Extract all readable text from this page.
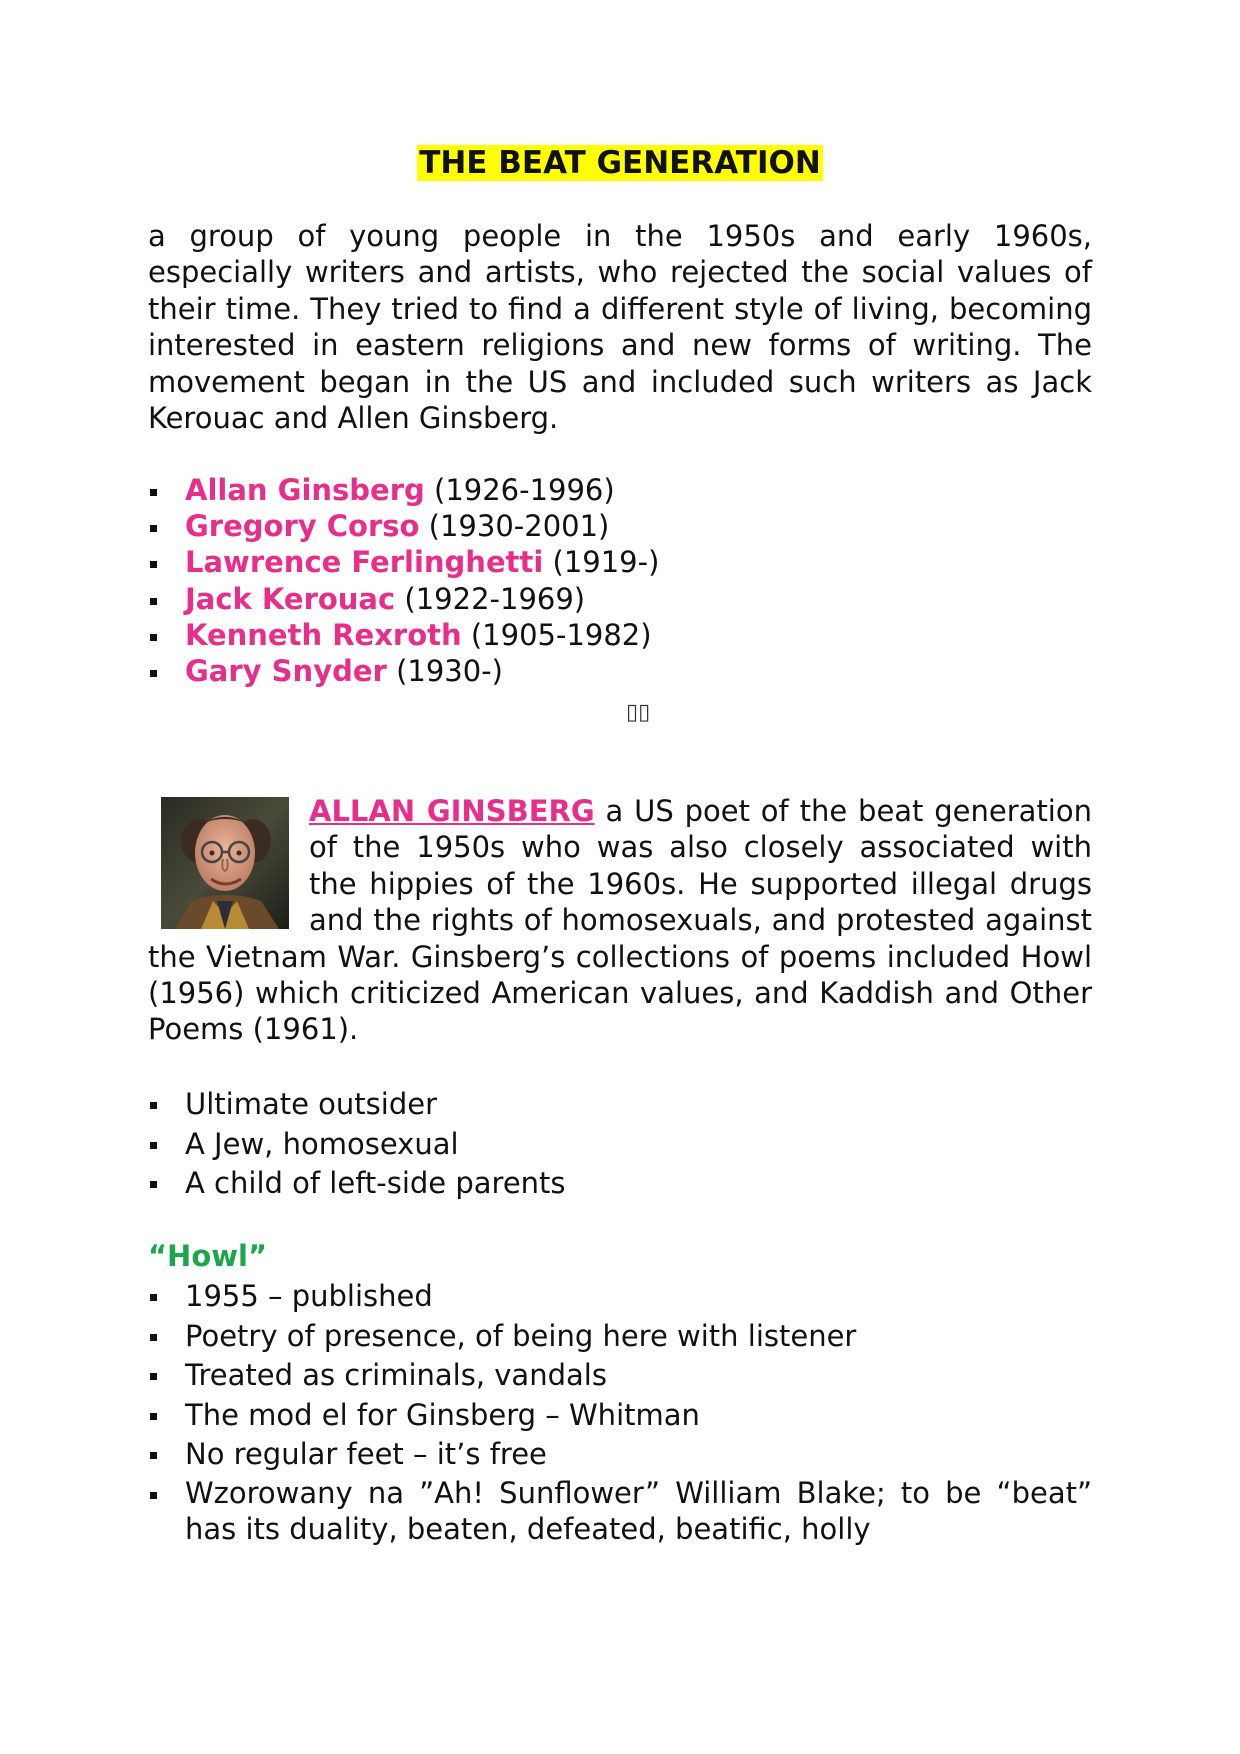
THE BEAT GENERATION

a group of young people in the 1950s and early 1960s, especially writers and artists, who rejected the social values of their time. They tried to find a different style of living, becoming interested in eastern religions and new forms of writing. The movement began in the US and included such writers as Jack Kerouac and Allen Ginsberg.

Allan Ginsberg (1926-1996)
Gregory Corso (1930-2001)
Lawrence Ferlinghetti (1919-)
Jack Kerouac (1922-1969)
Kenneth Rexroth (1905-1982)
Gary Snyder (1930-)
▯▯
ALLAN GINSBERG a US poet of the beat generation of the 1950s who was also closely associated with the hippies of the 1960s. He supported illegal drugs and the rights of homosexuals, and protested against the Vietnam War. Ginsberg’s collections of poems included Howl (1956) which criticized American values, and Kaddish and Other Poems (1961).
Ultimate outsider
A Jew, homosexual
A child of left-side parents
“Howl”
1955 – published
Poetry of presence, of being here with listener
Treated as criminals, vandals
The mod el for Ginsberg – Whitman
No regular feet – it’s free
Wzorowany na ”Ah! Sunflower” William Blake; to be “beat” has its duality, beaten, defeated, beatific, holly
